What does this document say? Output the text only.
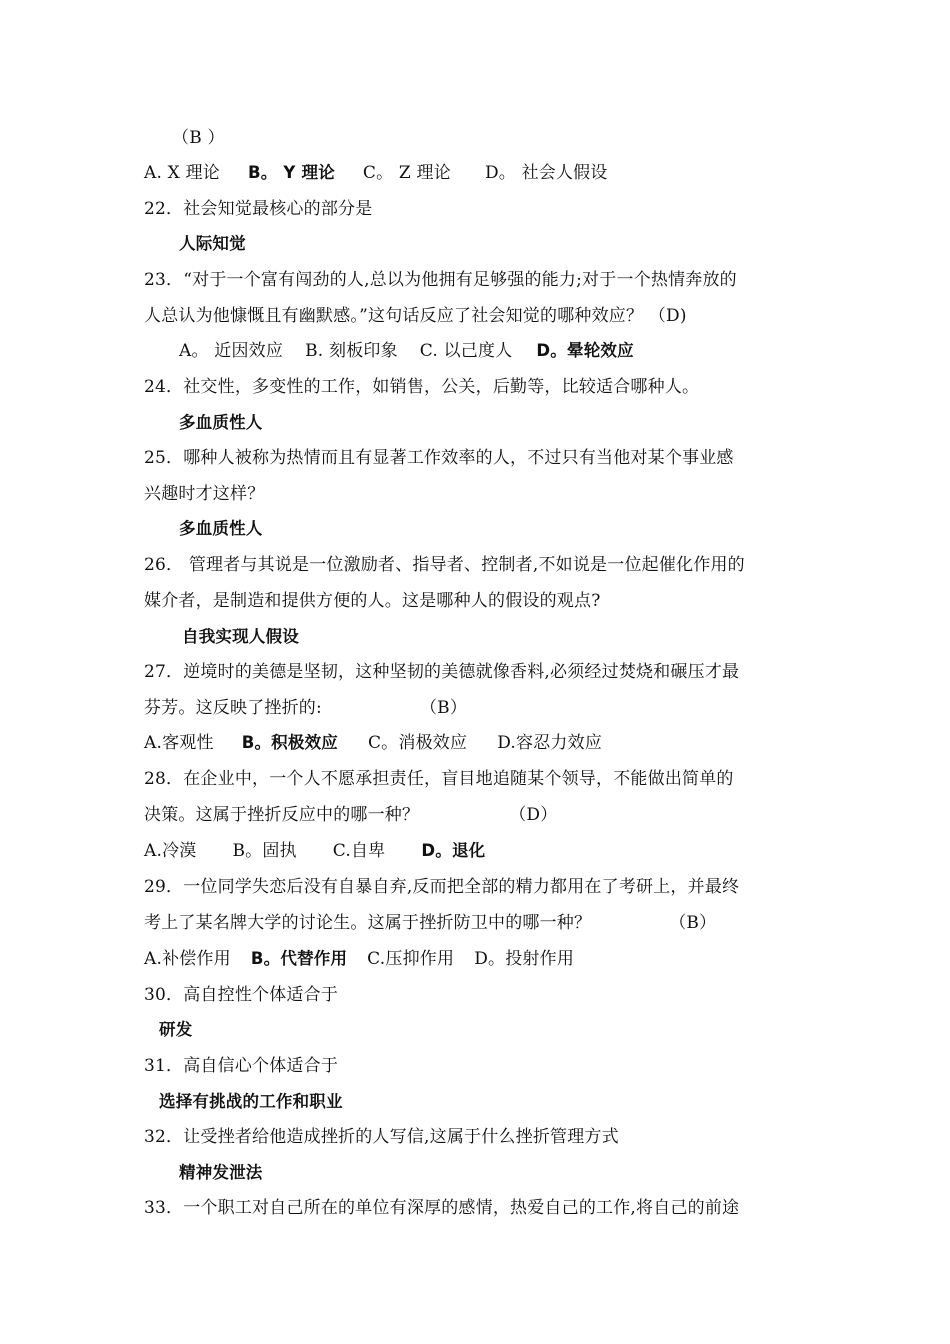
（B ）
A. X 理论 B。 Y 理论 C。 Z 理论 D。 社会人假设
22．社会知觉最核心的部分是
人际知觉
23．“对于一个富有闯劲的人,总以为他拥有足够强的能力;对于一个热情奔放的
人总认为他慷慨且有幽默感。”这句话反应了社会知觉的哪种效应？ （D)
A。 近因效应 B. 刻板印象 C. 以己度人 D。晕轮效应
24．社交性，多变性的工作，如销售，公关，后勤等，比较适合哪种人。
多血质性人
25．哪种人被称为热情而且有显著工作效率的人，不过只有当他对某个事业感
兴趣时才这样？
多血质性人
26． 管理者与其说是一位激励者、指导者、控制者,不如说是一位起催化作用的
媒介者，是制造和提供方便的人。这是哪种人的假设的观点?
自我实现人假设
27．逆境时的美德是坚韧，这种坚韧的美德就像香料,必须经过焚烧和碾压才最
芬芳。这反映了挫折的:	（B）
A.客观性 B。积极效应 C。消极效应 D.容忍力效应
28．在企业中，一个人不愿承担责任，盲目地追随某个领导，不能做出简单的
决策。这属于挫折反应中的哪一种？	（D）
A.冷漠 B。固执 C.自卑 D。退化
29．一位同学失恋后没有自暴自弃,反而把全部的精力都用在了考研上，并最终
考上了某名牌大学的讨论生。这属于挫折防卫中的哪一种？	（B）
A.补偿作用 B。代替作用 C.压抑作用 D。投射作用
30．高自控性个体适合于
研发
31．高自信心个体适合于
选择有挑战的工作和职业
32．让受挫者给他造成挫折的人写信,这属于什么挫折管理方式
精神发泄法
33．一个职工对自己所在的单位有深厚的感情，热爱自己的工作,将自己的前途
